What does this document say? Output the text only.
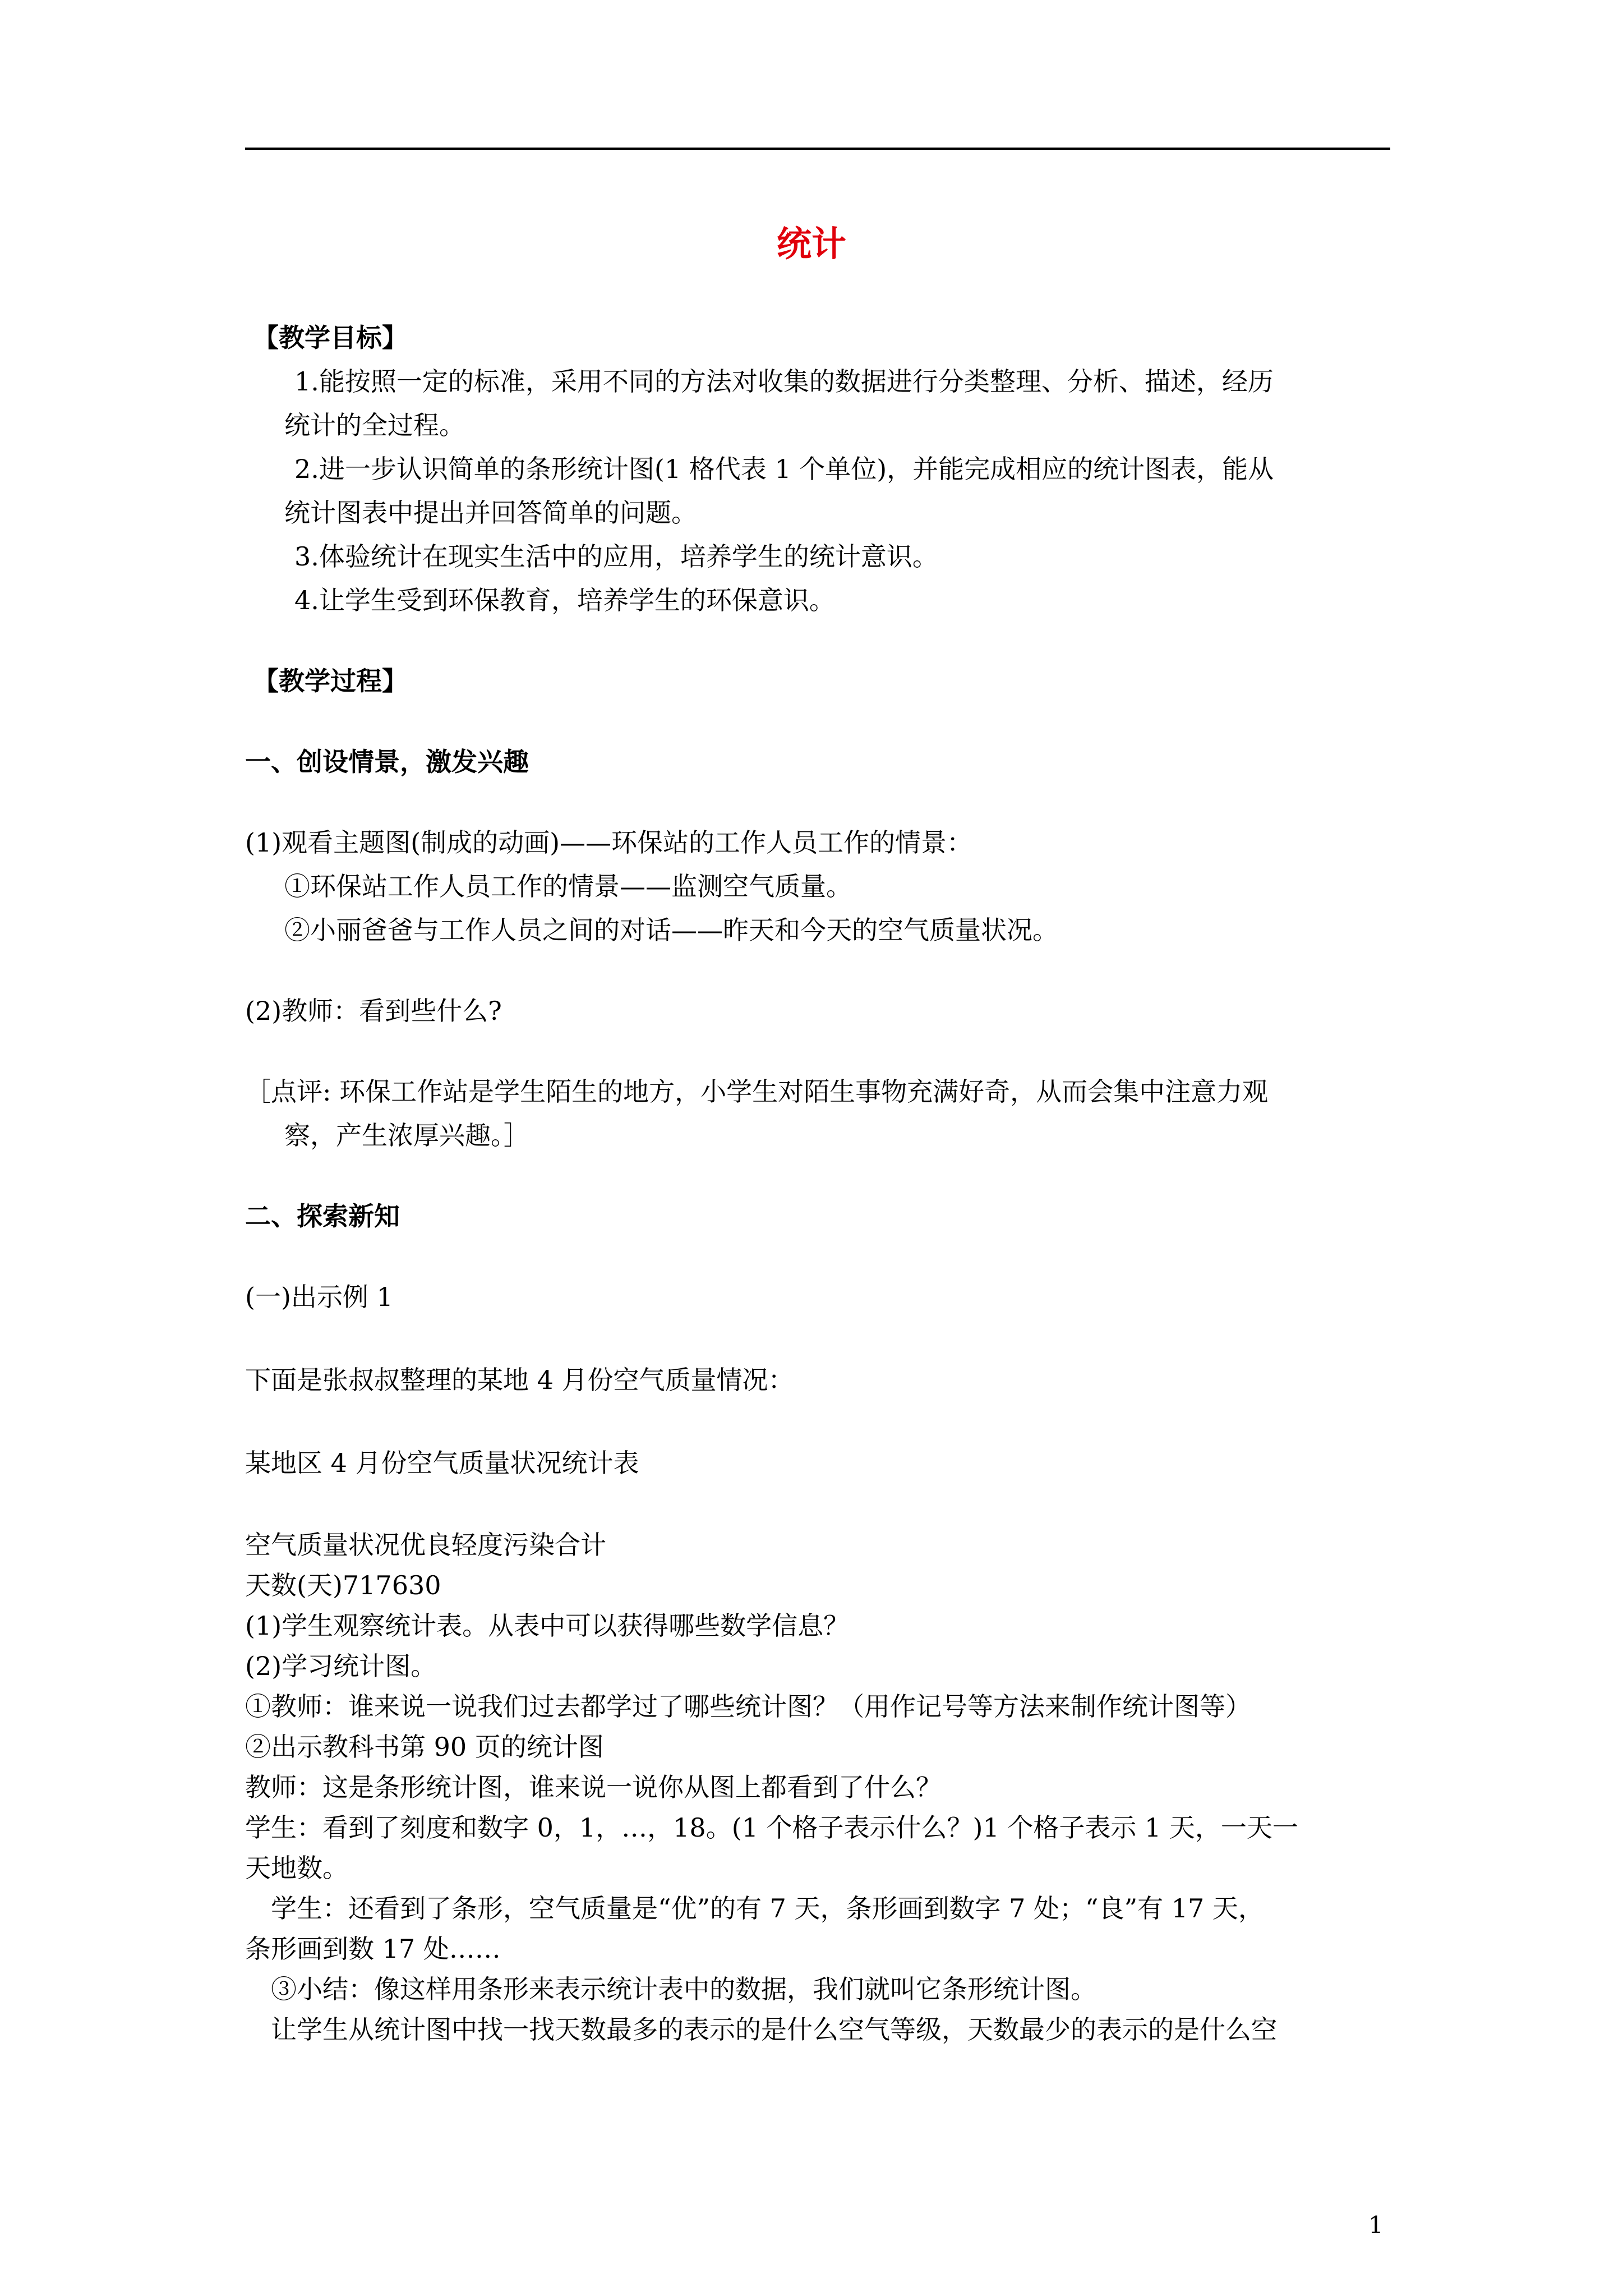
统计
【教学目标】
1.能按照一定的标准，采用不同的方法对收集的数据进行分类整理、分析、描述，经历
统计的全过程。
2.进一步认识简单的条形统计图(1 格代表 1 个单位)，并能完成相应的统计图表，能从
统计图表中提出并回答简单的问题。
3.体验统计在现实生活中的应用，培养学生的统计意识。
4.让学生受到环保教育，培养学生的环保意识。
【教学过程】
一、创设情景，激发兴趣
(1)观看主题图(制成的动画)——环保站的工作人员工作的情景：
①环保站工作人员工作的情景——监测空气质量。
②小丽爸爸与工作人员之间的对话——昨天和今天的空气质量状况。
(2)教师：看到些什么?
［点评: 环保工作站是学生陌生的地方，小学生对陌生事物充满好奇，从而会集中注意力观
察，产生浓厚兴趣。］
二、探索新知
(一)出示例 1
下面是张叔叔整理的某地 4 月份空气质量情况：
某地区 4 月份空气质量状况统计表
空气质量状况优良轻度污染合计
天数(天)717630
(1)学生观察统计表。从表中可以获得哪些数学信息？
(2)学习统计图。
①教师：谁来说一说我们过去都学过了哪些统计图？（用作记号等方法来制作统计图等）
②出示教科书第 90 页的统计图
教师：这是条形统计图，谁来说一说你从图上都看到了什么？
学生：看到了刻度和数字 0，1，…，18。(1 个格子表示什么？)1 个格子表示 1 天，一天一
天地数。
学生：还看到了条形，空气质量是“优”的有 7 天，条形画到数字 7 处；“良”有 17 天，
条形画到数 17 处……
③小结：像这样用条形来表示统计表中的数据，我们就叫它条形统计图。
让学生从统计图中找一找天数最多的表示的是什么空气等级，天数最少的表示的是什么空
1
